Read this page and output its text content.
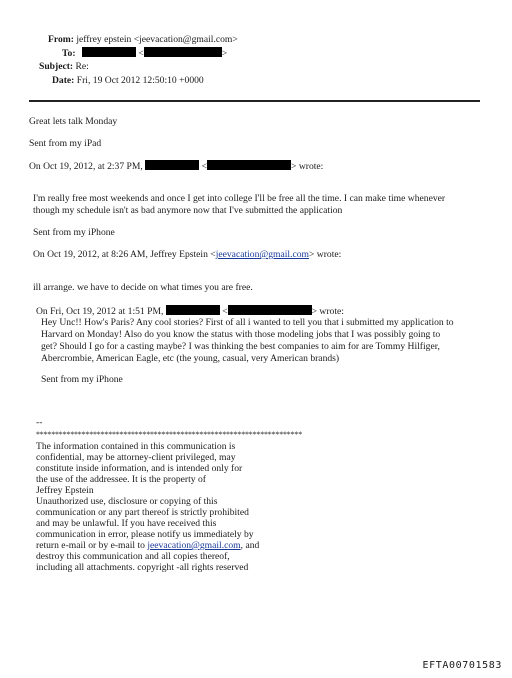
From: jeffrey epstein <jeevacation@gmail.com>
To:	<	>
Subject: Re:
Date: Fri, 19 Oct 2012 12:50:10 +0000
Great lets talk Monday
Sent from my iPad
On Oct 19, 2012, at 2:37 PM,	<	> wrote:
I'm really free most weekends and once I get into college I'll be free all the time. I can make time whenever
though my schedule isn't as bad anymore now that I've submitted the application
Sent from my iPhone
On Oct 19, 2012, at 8:26 AM, Jeffrey Epstein <jeevacation@gmail.com> wrote:
ill arrange. we have to decide on what times you are free.
On Fri, Oct 19, 2012 at 1:51 PM,	<	> wrote:
Hey Unc!! How's Paris? Any cool stories? First of all i wanted to tell you that i submitted my application to
Harvard on Monday! Also do you know the status with those modeling jobs that I was possibly going to
get? Should I go for a casting maybe? I was thinking the best companies to aim for are Tommy Hilfiger,
Abercrombie, American Eagle, etc (the young, casual, very American brands)
Sent from my iPhone
--
**********************************************************************
The information contained in this communication is
confidential, may be attorney-client privileged, may
constitute inside information, and is intended only for
the use of the addressee. It is the property of
Jeffrey Epstein
Unauthorized use, disclosure or copying of this
communication or any part thereof is strictly prohibited
and may be unlawful. If you have received this
communication in error, please notify us immediately by
return e-mail or by e-mail to jeevacation@gmail.com, and
destroy this communication and all copies thereof,
including all attachments. copyright -all rights reserved
EFTA00701583
